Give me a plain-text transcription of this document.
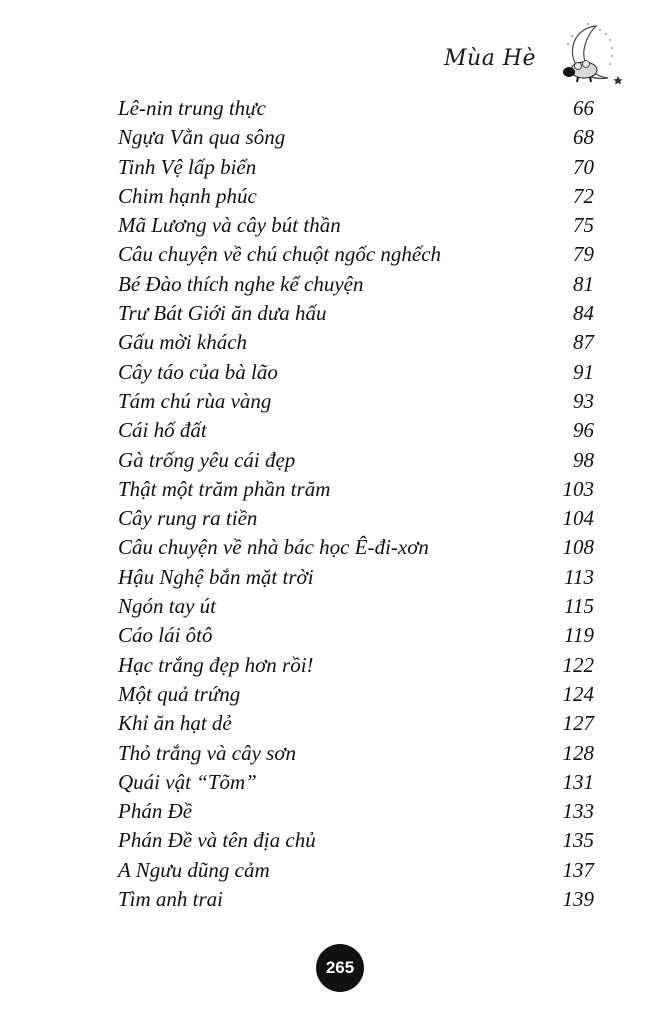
Mùa Hè
Lê-nin trung thực	66
Ngựa Vằn qua sông	68
Tinh Vệ lấp biển	70
Chim hạnh phúc	72
Mã Lương và cây bút thần	75
Câu chuyện về chú chuột ngốc nghếch	79
Bé Đào thích nghe kể chuyện	81
Trư Bát Giới ăn dưa hấu	84
Gấu mời khách	87
Cây táo của bà lão	91
Tám chú rùa vàng	93
Cái hố đất	96
Gà trống yêu cái đẹp	98
Thật một trăm phần trăm	103
Cây rung ra tiền	104
Câu chuyện về nhà bác học Ê-đi-xơn	108
Hậu Nghệ bắn mặt trời	113
Ngón tay út	115
Cáo lái ôtô	119
Hạc trắng đẹp hơn rồi!	122
Một quả trứng	124
Khỉ ăn hạt dẻ	127
Thỏ trắng và cây sơn	128
Quái vật “Tõm”	131
Phán Đề	133
Phán Đề và tên địa chủ	135
A Ngưu dũng cảm	137
Tìm anh trai	139
265
